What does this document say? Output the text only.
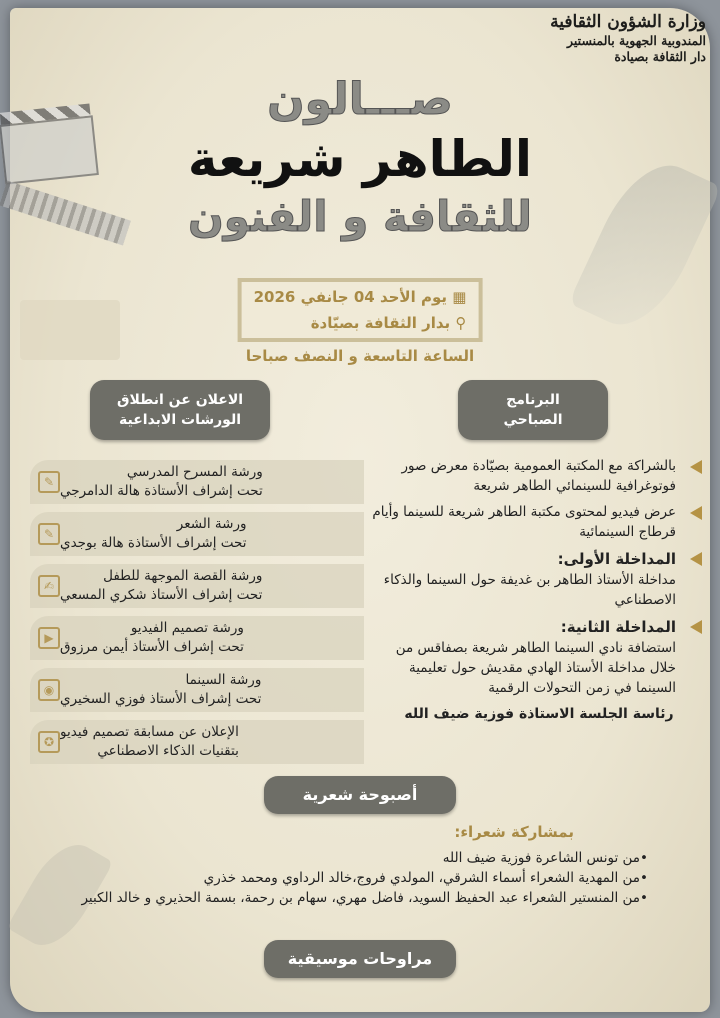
وزارة الشؤون الثقافية
المندوبية الجهوية بالمنستير
دار الثقافة بصيادة
صـــالون
الطاهر شريعة
للثقافة و الفنون
▦ يوم الأحد 04 جانفي 2026
⚲ بدار الثقافة بصيّادة
الساعة التاسعة و النصف صباحا
البرنامج
الصباحي
الاعلان عن انطلاق
الورشات الابداعية
بالشراكة مع المكتبة العمومية بصيّادة معرض صور فوتوغرافية للسينمائي الطاهر شريعة
عرض فيديو لمحتوى مكتبة الطاهر شريعة للسينما وأيام قرطاج السينمائية
المداخلة الأولى:
مداخلة الأستاذ الطاهر بن غديفة حول السينما والذكاء الاصطناعي
المداخلة الثانية:
استضافة نادي السينما الطاهر شريعة بصفاقس من خلال مداخلة الأستاذ الهادي مقديش حول تعليمية السينما في زمن التحولات الرقمية
رئاسة الجلسة الاستاذة فوزية ضيف الله
✎
ورشة المسرح المدرسي
تحت إشراف الأستاذة هالة الدامرجي
✎
ورشة الشعر
تحت إشراف الأستاذة هالة بوجدي
✍
ورشة القصة الموجهة للطفل
تحت إشراف الأستاذ شكري المسعي
▶
ورشة تصميم الفيديو
تحت إشراف الأستاذ أيمن مرزوق
◉
ورشة السينما
تحت إشراف الأستاذ فوزي السخيري
✪
الإعلان عن مسابقة تصميم فيديو
بتقنيات الذكاء الاصطناعي
أصبوحة شعرية
بمشاركة شعراء:
•من تونس الشاعرة فوزية ضيف الله
•من المهدية الشعراء أسماء الشرقي، المولدي فروج،خالد الرداوي ومحمد خذري
•من المنستير الشعراء عبد الحفيظ السويد، فاضل مهري، سهام بن رحمة، بسمة الحذيري و خالد الكبير
مراوحات موسيقية
